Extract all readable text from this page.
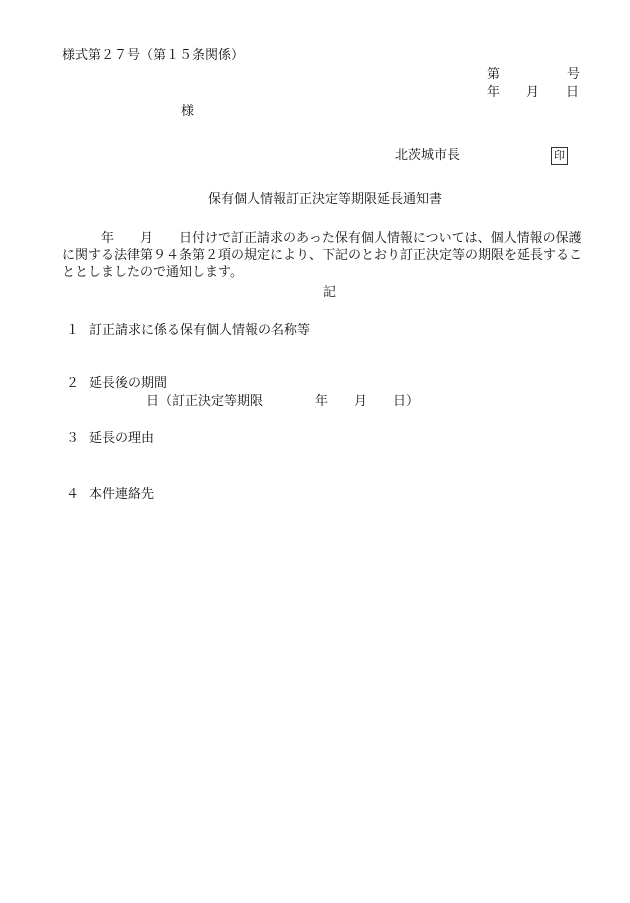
様式第２７号（第１５条関係）
第	号
年 月 日
様
北茨城市長	印
保有個人情報訂正決定等期限延長通知書
　　　年　　月　　日付けで訂正請求のあった保有個人情報については、個人情報の保護に関する法律第９４条第２項の規定により、下記のとおり訂正決定等の期限を延長することとしましたので通知します。
記
１ 訂正請求に係る保有個人情報の名称等
２ 延長後の期間
日（訂正決定等期限　　　　年　　月　　日）
３ 延長の理由
４ 本件連絡先
